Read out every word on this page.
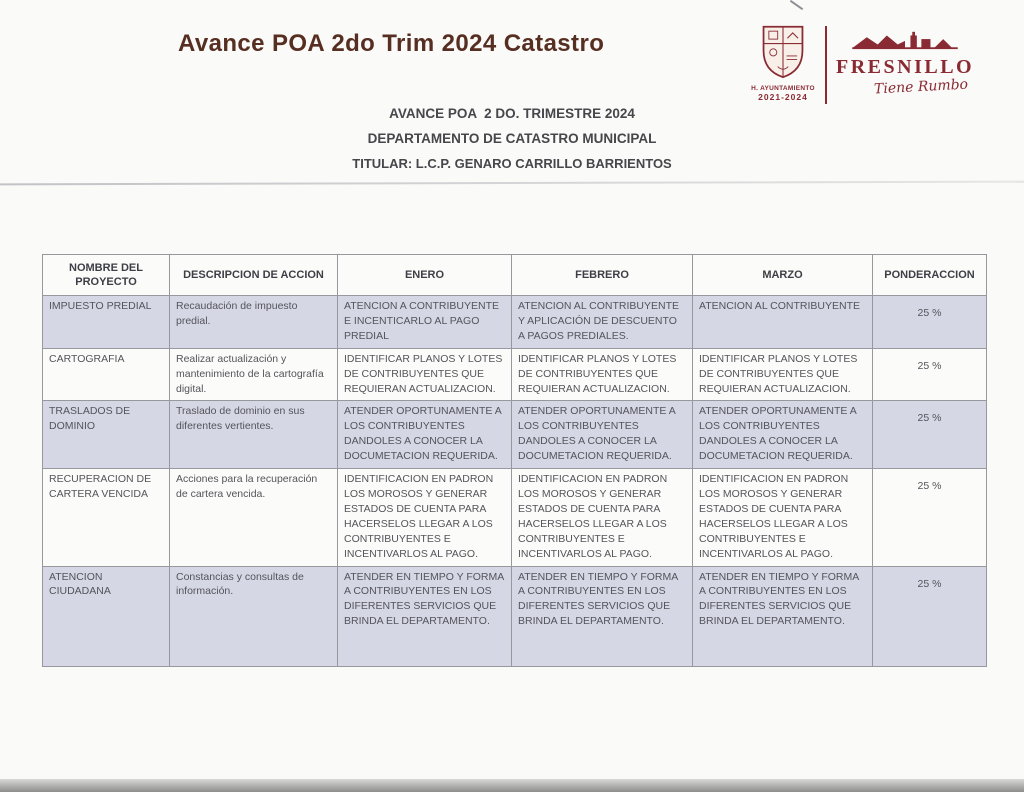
Avance POA 2do Trim 2024 Catastro
H. AYUNTAMIENTO
2021-2024
FRESNILLO
Tiene Rumbo
AVANCE POA  2 DO. TRIMESTRE 2024
DEPARTAMENTO DE CATASTRO MUNICIPAL
TITULAR: L.C.P. GENARO CARRILLO BARRIENTOS
NOMBRE DEL PROYECTO	DESCRIPCION DE ACCION	ENERO	FEBRERO	MARZO	PONDERACCION
IMPUESTO PREDIAL	Recaudación de impuesto predial.	ATENCION A CONTRIBUYENTE E INCENTICARLO AL PAGO PREDIAL	ATENCION AL CONTRIBUYENTE Y APLICACIÓN DE DESCUENTO A PAGOS PREDIALES.	ATENCION AL CONTRIBUYENTE	25 %
CARTOGRAFIA	Realizar actualización y mantenimiento de la cartografía digital.	IDENTIFICAR PLANOS Y LOTES DE CONTRIBUYENTES QUE REQUIERAN ACTUALIZACION.	IDENTIFICAR PLANOS Y LOTES DE CONTRIBUYENTES QUE REQUIERAN ACTUALIZACION.	IDENTIFICAR PLANOS Y LOTES DE CONTRIBUYENTES QUE REQUIERAN ACTUALIZACION.	25 %
TRASLADOS DE DOMINIO	Traslado de dominio en sus diferentes vertientes.	ATENDER OPORTUNAMENTE A LOS CONTRIBUYENTES DANDOLES A CONOCER LA DOCUMETACION REQUERIDA.	ATENDER OPORTUNAMENTE A LOS CONTRIBUYENTES DANDOLES A CONOCER LA DOCUMETACION REQUERIDA.	ATENDER OPORTUNAMENTE A LOS CONTRIBUYENTES DANDOLES A CONOCER LA DOCUMETACION REQUERIDA.	25 %
RECUPERACION DE CARTERA VENCIDA	Acciones para la recuperación de cartera vencida.	IDENTIFICACION EN PADRON LOS MOROSOS Y GENERAR ESTADOS DE CUENTA PARA HACERSELOS LLEGAR A LOS CONTRIBUYENTES E INCENTIVARLOS AL PAGO.	IDENTIFICACION EN PADRON LOS MOROSOS Y GENERAR ESTADOS DE CUENTA PARA HACERSELOS LLEGAR A LOS CONTRIBUYENTES E INCENTIVARLOS AL PAGO.	IDENTIFICACION EN PADRON LOS MOROSOS Y GENERAR ESTADOS DE CUENTA PARA HACERSELOS LLEGAR A LOS CONTRIBUYENTES E INCENTIVARLOS AL PAGO.	25 %
ATENCION CIUDADANA	Constancias y consultas de información.	ATENDER EN TIEMPO Y FORMA A CONTRIBUYENTES EN LOS DIFERENTES SERVICIOS QUE BRINDA EL DEPARTAMENTO.	ATENDER EN TIEMPO Y FORMA A CONTRIBUYENTES EN LOS DIFERENTES SERVICIOS QUE BRINDA EL DEPARTAMENTO.	ATENDER EN TIEMPO Y FORMA A CONTRIBUYENTES EN LOS DIFERENTES SERVICIOS QUE BRINDA EL DEPARTAMENTO.	25 %
